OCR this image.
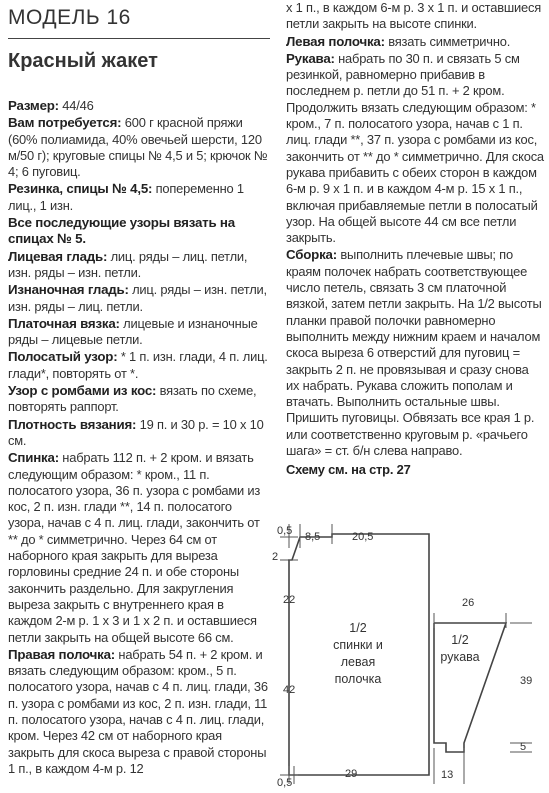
МОДЕЛЬ 16
Красный жакет

Размер: 44/46

Вам потребуется: 600 г красной пряжи (60% полиамида, 40% овечьей шерсти, 120 м/50 г); круговые спицы № 4,5 и 5; крючок № 4; 6 пуговиц.

Резинка, спицы № 4,5: попеременно 1 лиц., 1 изн.

Все последующие узоры вязать на спицах № 5.

Лицевая гладь: лиц. ряды – лиц. петли, изн. ряды – изн. петли.

Изнаночная гладь: лиц. ряды – изн. петли, изн. ряды – лиц. петли.

Платочная вязка: лицевые и изнаночные ряды – лицевые петли.

Полосатый узор: * 1 п. изн. глади, 4 п. лиц. глади*, повторять от *.

Узор с ромбами из кос: вязать по схеме, повторять раппорт.

Плотность вязания: 19 п. и 30 р. = 10 х 10 см.

Спинка: набрать 112 п. + 2 кром. и вязать следующим образом: * кром., 11 п. полосатого узора, 36 п. узора с ромбами из кос, 2 п. изн. глади **, 14 п. полосатого узора, начав с 4 п. лиц. глади, закончить от ** до * симметрично. Через 64 см от наборного края закрыть для выреза горловины средние 24 п. и обе стороны закончить раздельно. Для закругления выреза закрыть с внутреннего края в каждом 2-м р. 1 х 3 и 1 х 2 п. и оставшиеся петли закрыть на общей высоте 66 см.

Правая полочка: набрать 54 п. + 2 кром. и вязать следующим образом: кром., 5 п. полосатого узора, начав с 4 п. лиц. глади, 36 п. узора с ромбами из кос, 2 п. изн. глади, 11 п. полосатого узора, начав с 4 п. лиц. глади, кром. Через 42 см от наборного края закрыть для скоса выреза с правой стороны 1 п., в каждом 4-м р. 12

х 1 п., в каждом 6-м р. 3 х 1 п. и оставшиеся петли закрыть на высоте спинки.

Левая полочка: вязать симметрично.

Рукава: набрать по 30 п. и связать 5 см резинкой, равномерно прибавив в последнем р. петли до 51 п. + 2 кром. Продолжить вязать следующим образом: * кром., 7 п. полосатого узора, начав с 1 п. лиц. глади **, 37 п. узора с ромбами из кос, закончить от ** до * симметрично. Для скоса рукава прибавить с обеих сторон в каждом 6-м р. 9 х 1 п. и в каждом 4-м р. 15 х 1 п., включая прибавляемые петли в полосатый узор. На общей высоте 44 см все петли закрыть.

Сборка: выполнить плечевые швы; по краям полочек набрать соответствующее число петель, связать 3 см платочной вязкой, затем петли закрыть. На 1/2 высоты планки правой полочки равномерно выполнить между нижним краем и началом скоса выреза 6 отверстий для пуговиц = закрыть 2 п. не провязывая и сразу снова их набрать. Рукава сложить пополам и втачать. Выполнить остальные швы. Пришить пуговицы. Обвязать все края 1 р. или соответственно круговым р. «рачьего шага» = ст. б/н слева направо.

Схему см. на стр. 27

0,5 8,5	20,5
2
22
42
0,5
29
1/2
спинки и
левая
полочка
26
39
5
13
1/2
рукава
